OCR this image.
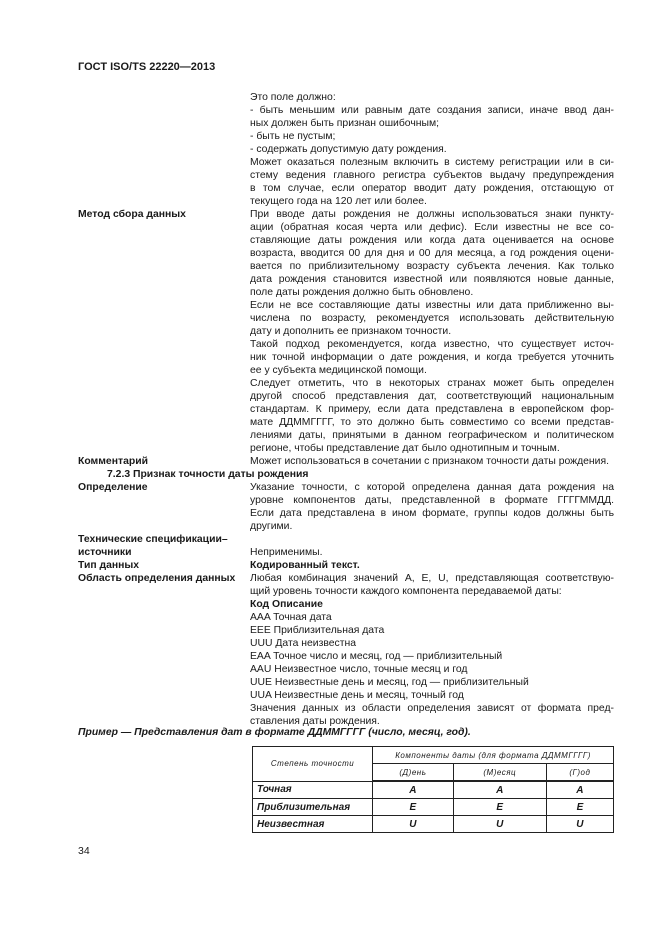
ГОСТ ISO/TS 22220—2013
Это поле должно:
- быть меньшим или равным дате создания записи, иначе ввод дан-
ных должен быть признан ошибочным;
- быть не пустым;
- содержать допустимую дату рождения.
Может оказаться полезным включить в систему регистрации или в си-
стему ведения главного регистра субъектов выдачу предупреждения
в том случае, если оператор вводит дату рождения, отстающую от
текущего года на 120 лет или более.
Метод сбора данных	При вводе даты рождения не должны использоваться знаки пункту-
ации (обратная косая черта или дефис). Если известны не все со-
ставляющие даты рождения или когда дата оценивается на основе
возраста, вводится 00 для дня и 00 для месяца, а год рождения оцени-
вается по приблизительному возрасту субъекта лечения. Как только
дата рождения становится известной или появляются новые данные,
поле даты рождения должно быть обновлено.
Если не все составляющие даты известны или дата приближенно вы-
числена по возрасту, рекомендуется использовать действительную
дату и дополнить ее признаком точности.
Такой подход рекомендуется, когда известно, что существует источ-
ник точной информации о дате рождения, и когда требуется уточнить
ее у субъекта медицинской помощи.
Следует отметить, что в некоторых странах может быть определен
другой способ представления дат, соответствующий национальным
стандартам. К примеру, если дата представлена в европейском фор-
мате ДДММГГГГ, то это должно быть совместимо со всеми представ-
лениями даты, принятыми в данном географическом и политическом
регионе, чтобы представление дат было однотипным и точным.
Комментарий	Может использоваться в сочетании с признаком точности даты рождения.
7.2.3 Признак точности даты рождения
Определение	Указание точности, с которой определена данная дата рождения на
уровне компонентов даты, представленной в формате ГГГГММДД.
Если дата представлена в ином формате, группы кодов должны быть
другими.
Технические спецификации–
источники
	Неприменимы.
Тип данных	Кодированный текст.
Область определения данных	Любая комбинация значений A, E, U, представляющая соответствую-
щий уровень точности каждого компонента передаваемой даты:
Код Описание
AAA Точная дата
EEE Приблизительная дата
UUU Дата неизвестна
EAA Точное число и месяц, год — приблизительный
AAU Неизвестное число, точные месяц и год
UUE Неизвестные день и месяц, год — приблизительный
UUA Неизвестные день и месяц, точный год
Значения данных из области определения зависят от формата пред-
ставления даты рождения.
Пример — Представления дат в формате ДДММГГГГ (число, месяц, год).
Степень точности	Компоненты даты (для формата ДДММГГГГ)		
	(Д)ень	(М)есяц	(Г)од
Точная	A	A	A
Приблизительная	E	E	E
Неизвестная	U	U	U
34
